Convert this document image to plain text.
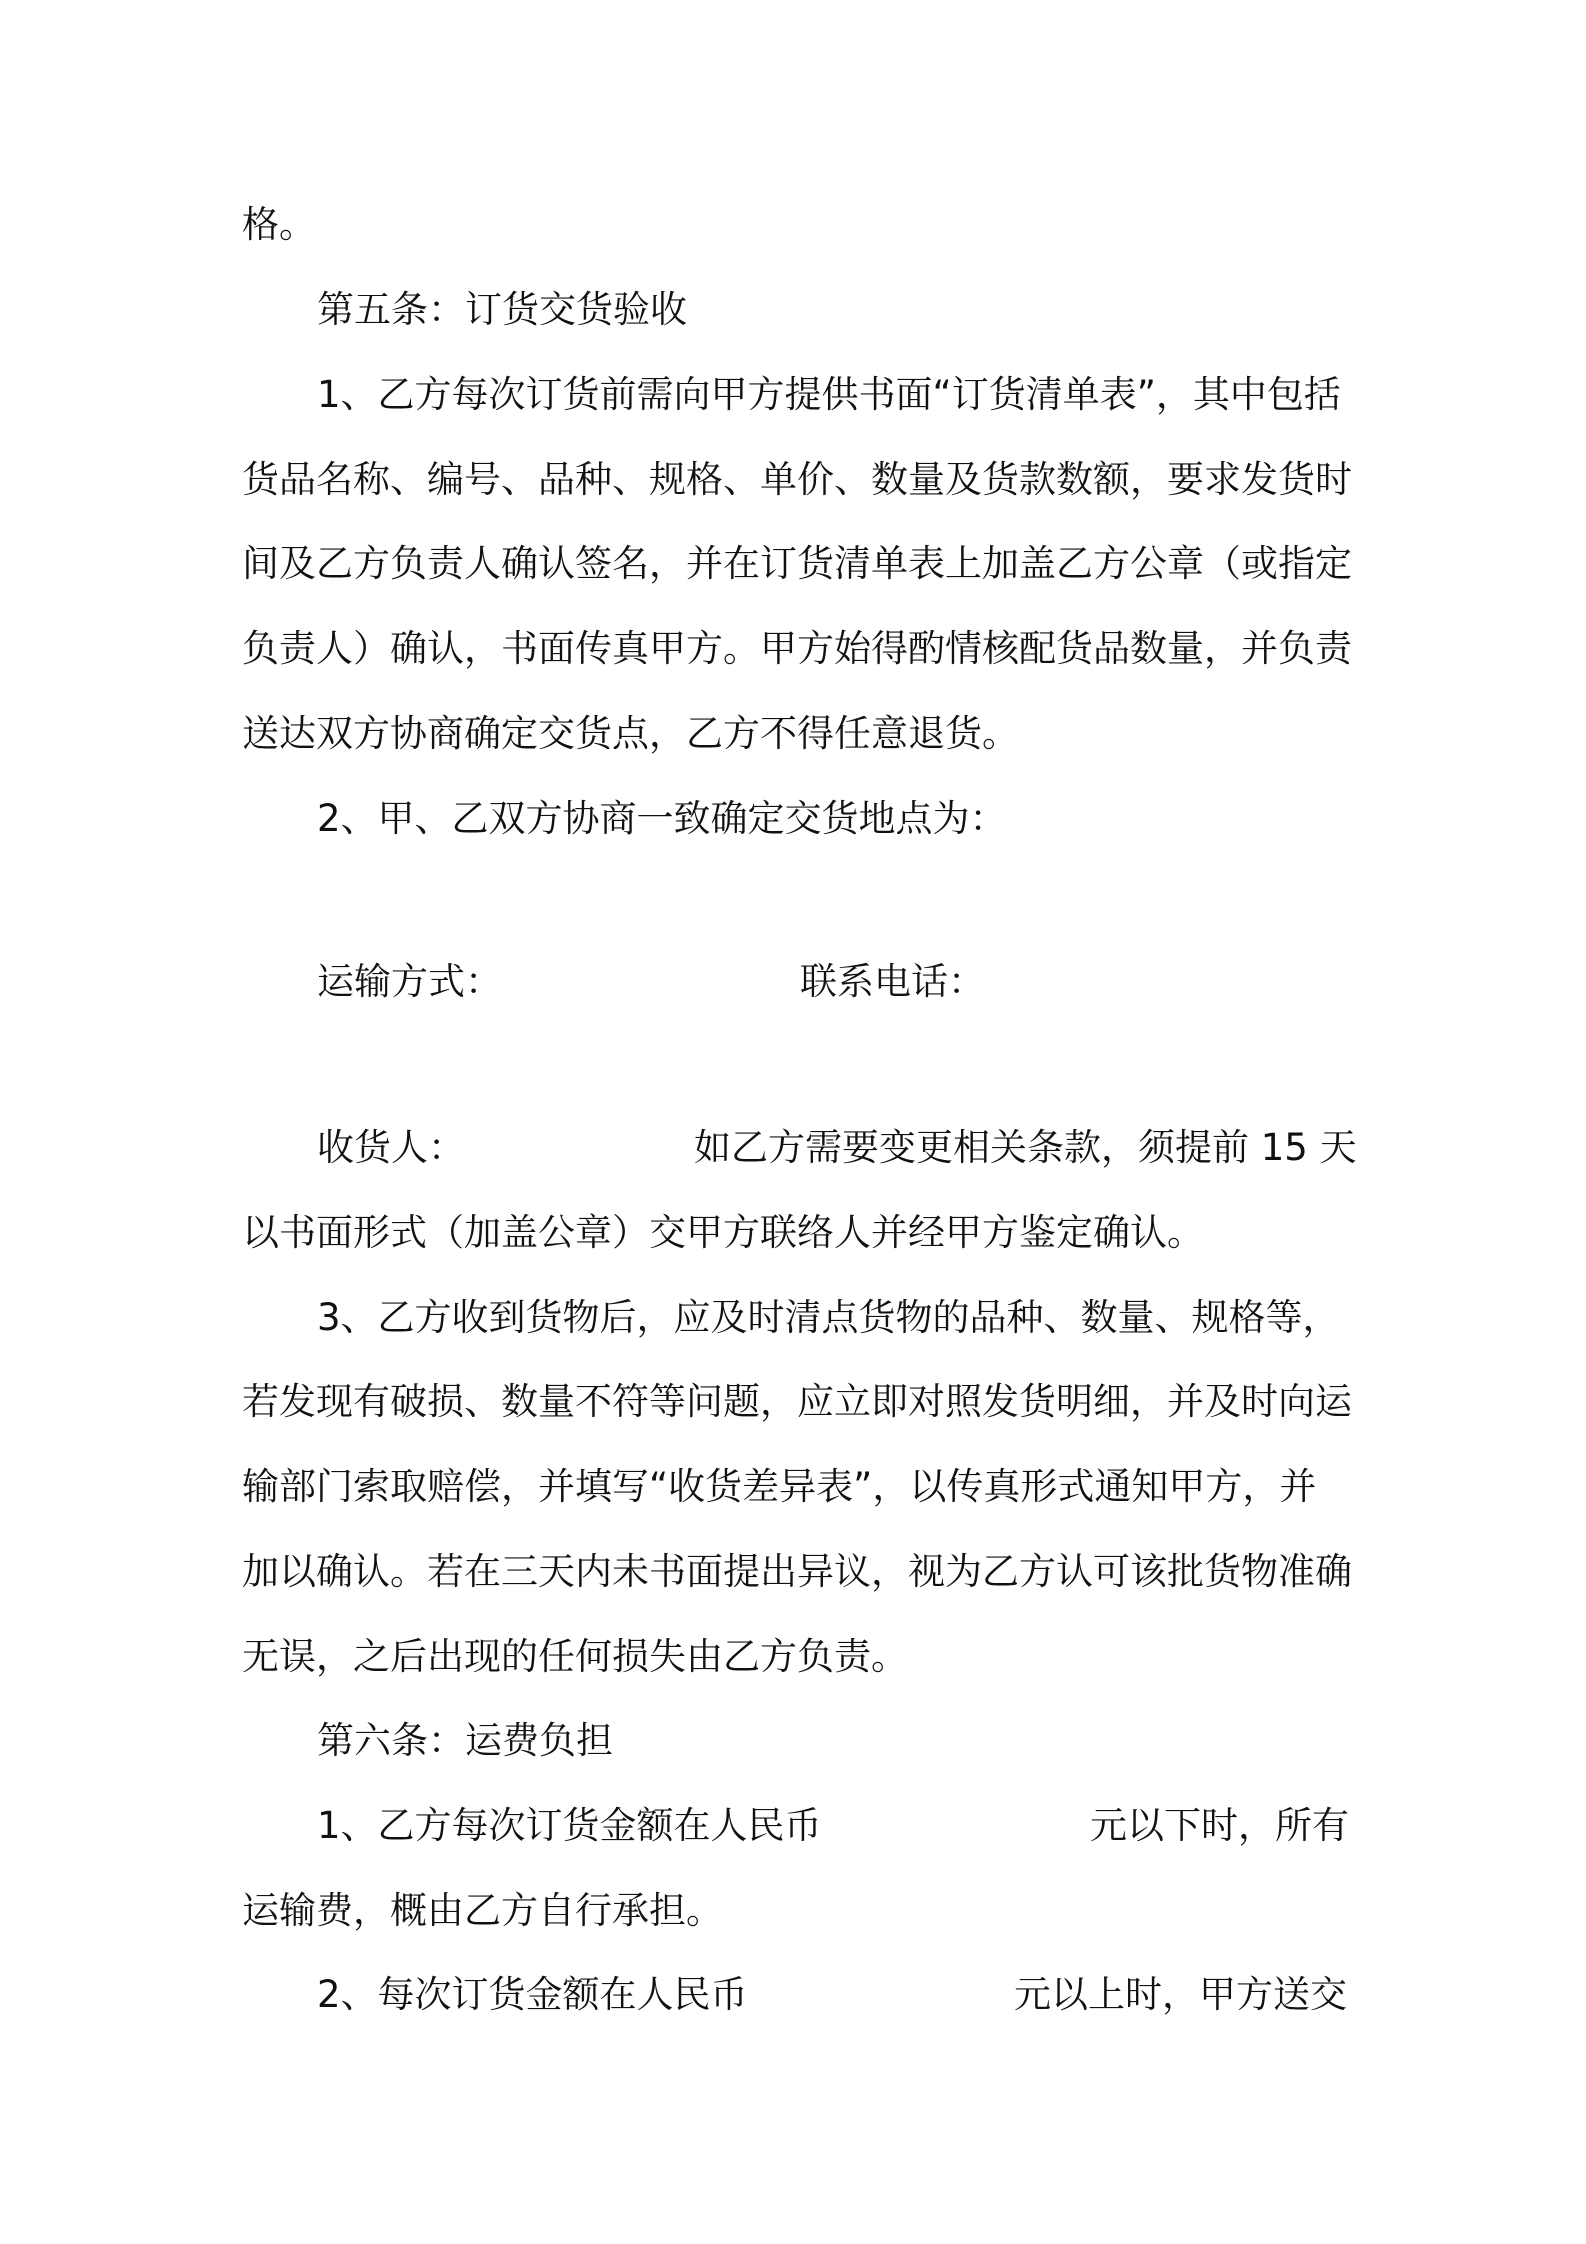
格。
第五条：订货交货验收
1、乙方每次订货前需向甲方提供书面“订货清单表”，其中包括
货品名称、编号、品种、规格、单价、数量及货款数额，要求发货时
间及乙方负责人确认签名，并在订货清单表上加盖乙方公章（或指定
负责人）确认，书面传真甲方。甲方始得酌情核配货品数量，并负责
送达双方协商确定交货点，乙方不得任意退货。
2、甲、乙双方协商一致确定交货地点为：
运输方式：	联系电话：
收货人：	如乙方需要变更相关条款，须提前 15 天
以书面形式（加盖公章）交甲方联络人并经甲方鉴定确认。
3、乙方收到货物后，应及时清点货物的品种、数量、规格等，
若发现有破损、数量不符等问题，应立即对照发货明细，并及时向运
输部门索取赔偿，并填写“收货差异表”，以传真形式通知甲方，并
加以确认。若在三天内未书面提出异议，视为乙方认可该批货物准确
无误，之后出现的任何损失由乙方负责。
第六条：运费负担
1、乙方每次订货金额在人民币	元以下时，所有
运输费，概由乙方自行承担。
2、每次订货金额在人民币	元以上时，甲方送交
